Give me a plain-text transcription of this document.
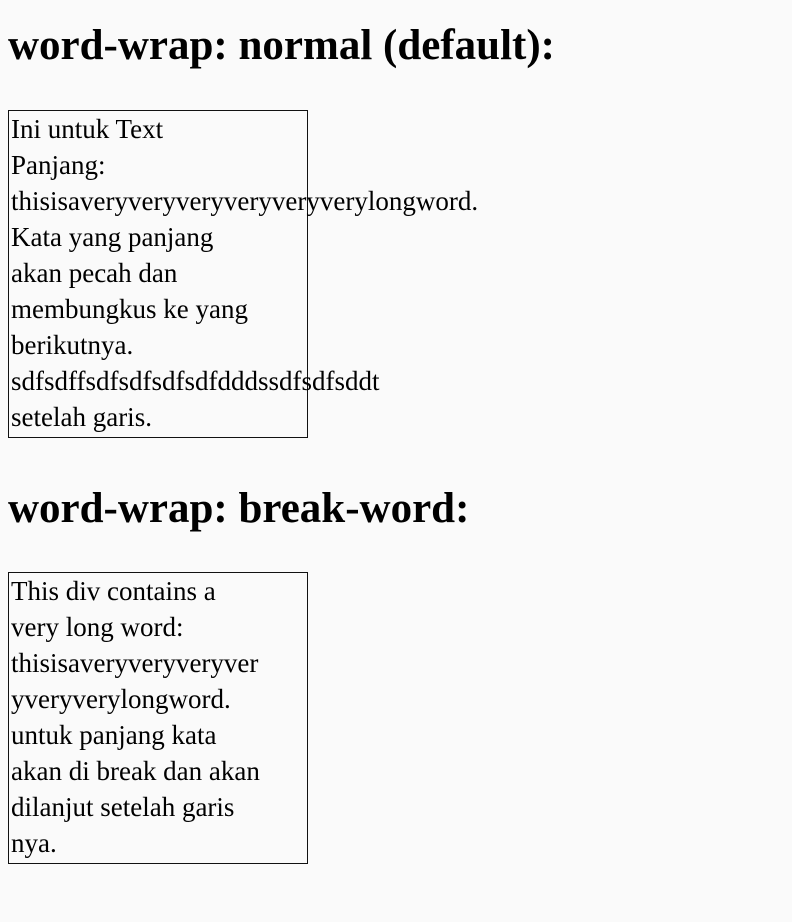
word-wrap: normal (default):
Ini untuk Text
Panjang:
thisisaveryveryveryveryveryverylongword.
Kata yang panjang
akan pecah dan
membungkus ke yang
berikutnya.
sdfsdffsdfsdfsdfsdfdddssdfsdfsddt
setelah garis.
word-wrap: break-word:
This div contains a
very long word:
thisisaveryveryveryver
yveryverylongword.
untuk panjang kata
akan di break dan akan
dilanjut setelah garis
nya.
